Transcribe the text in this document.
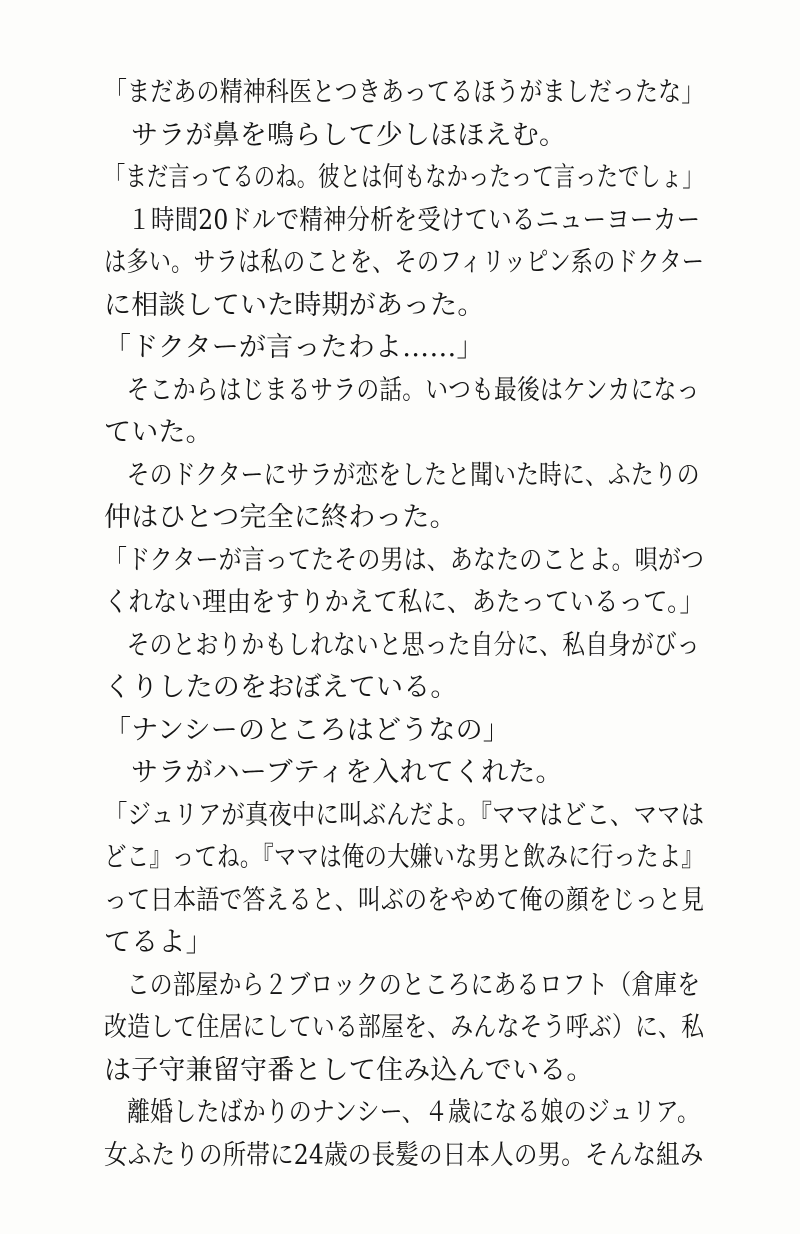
「まだあの精神科医とつきあってるほうがましだったな」
サラが鼻を鳴らして少しほほえむ。
「まだ言ってるのね。彼とは何もなかったって言ったでしょ」
１時間20ドルで精神分析を受けているニューヨーカー
は多い。サラは私のことを、そのフィリッピン系のドクター
に相談していた時期があった。
「ドクターが言ったわよ……」
そこからはじまるサラの話。いつも最後はケンカになっ
ていた。
そのドクターにサラが恋をしたと聞いた時に、ふたりの
仲はひとつ完全に終わった。
「ドクターが言ってたその男は、あなたのことよ。唄がつ
くれない理由をすりかえて私に、あたっているって。」
そのとおりかもしれないと思った自分に、私自身がびっ
くりしたのをおぼえている。
「ナンシーのところはどうなの」
サラがハーブティを入れてくれた。
「ジュリアが真夜中に叫ぶんだよ。『ママはどこ、ママは
どこ』ってね。『ママは俺の大嫌いな男と飲みに行ったよ』
って日本語で答えると、叫ぶのをやめて俺の顔をじっと見
てるよ」
この部屋から２ブロックのところにあるロフト（倉庫を
改造して住居にしている部屋を、みんなそう呼ぶ）に、私
は子守兼留守番として住み込んでいる。
離婚したばかりのナンシー、４歳になる娘のジュリア。
女ふたりの所帯に24歳の長髪の日本人の男。そんな組み
